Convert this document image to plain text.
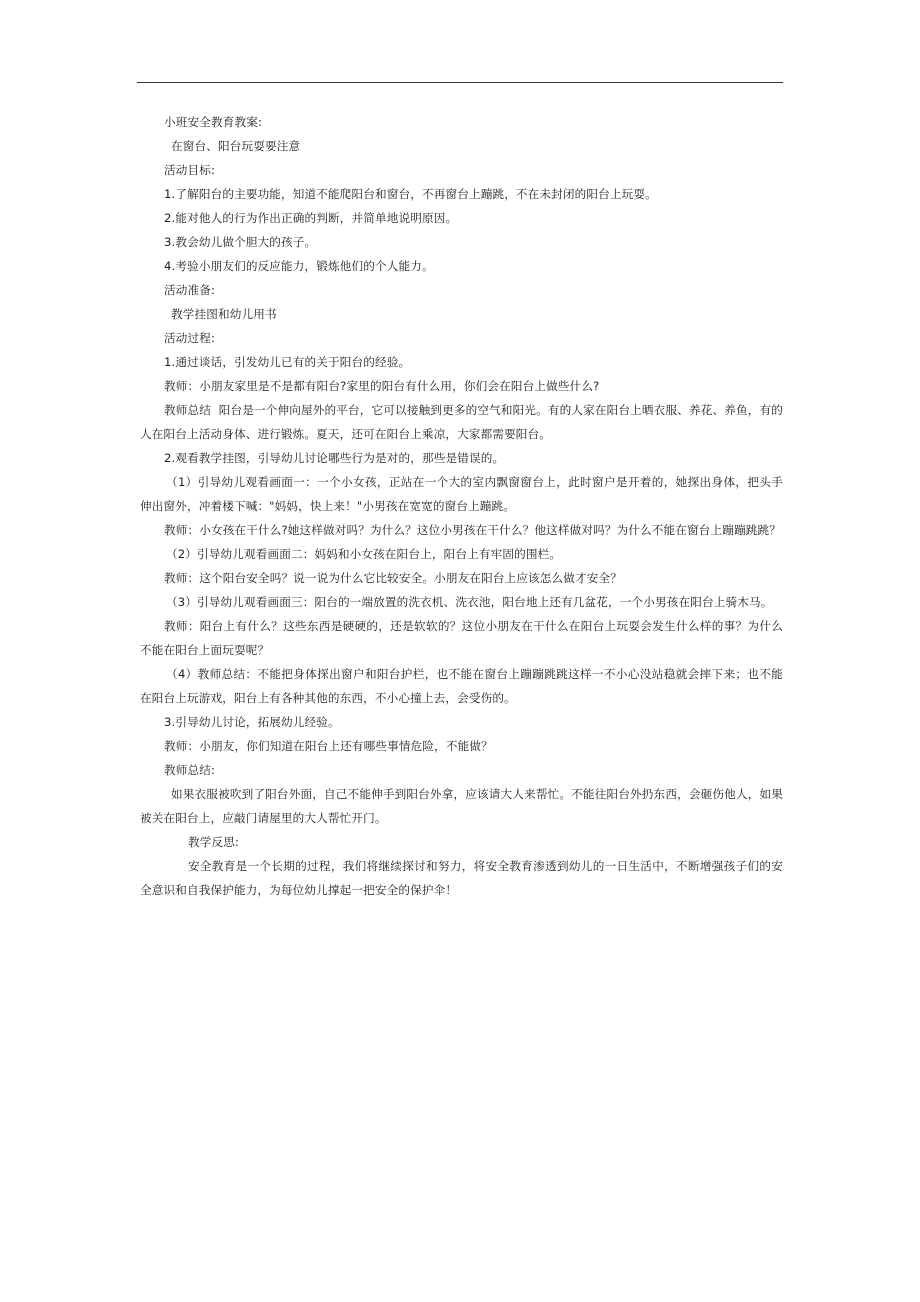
小班安全教育教案:

在窗台、阳台玩耍要注意

活动目标:

1.了解阳台的主要功能，知道不能爬阳台和窗台，不再窗台上蹦跳，不在未封闭的阳台上玩耍。

2.能对他人的行为作出正确的判断，并简单地说明原因。

3.教会幼儿做个胆大的孩子。

4.考验小朋友们的反应能力，锻炼他们的个人能力。

活动准备:

教学挂图和幼儿用书

活动过程:

1.通过谈话，引发幼儿已有的关于阳台的经验。

教师：小朋友家里是不是都有阳台?家里的阳台有什么用，你们会在阳台上做些什么?

教师总结  阳台是一个伸向屋外的平台，它可以接触到更多的空气和阳光。有的人家在阳台上晒衣服、养花、养鱼，有的人在阳台上活动身体、进行锻炼。夏天，还可在阳台上乘凉，大家都需要阳台。

2.观看教学挂图，引导幼儿讨论哪些行为是对的，那些是错误的。

（1）引导幼儿观看画面一：一个小女孩，正站在一个大的室内飘窗窗台上，此时窗户是开着的，她探出身体，把头手伸出窗外，冲着楼下喊："妈妈，快上来！"小男孩在宽宽的窗台上蹦跳。

教师：小女孩在干什么?她这样做对吗？为什么？这位小男孩在干什么？他这样做对吗？为什么不能在窗台上蹦蹦跳跳？

（2）引导幼儿观看画面二：妈妈和小女孩在阳台上，阳台上有牢固的围栏。

教师：这个阳台安全吗？说一说为什么它比较安全。小朋友在阳台上应该怎么做才安全？

（3）引导幼儿观看画面三：阳台的一端放置的洗衣机、洗衣池，阳台地上还有几盆花，一个小男孩在阳台上骑木马。

教师：阳台上有什么？这些东西是硬硬的，还是软软的？这位小朋友在干什么在阳台上玩耍会发生什么样的事？为什么不能在阳台上面玩耍呢？

（4）教师总结：不能把身体探出窗户和阳台护栏，也不能在窗台上蹦蹦跳跳这样一不小心没站稳就会摔下来；也不能在阳台上玩游戏，阳台上有各种其他的东西，不小心撞上去，会受伤的。

3.引导幼儿讨论，拓展幼儿经验。

教师：小朋友，你们知道在阳台上还有哪些事情危险，不能做？

教师总结:

如果衣服被吹到了阳台外面，自己不能伸手到阳台外拿，应该请大人来帮忙。不能往阳台外扔东西，会砸伤他人，如果被关在阳台上，应敲门请屋里的大人帮忙开门。

教学反思:

安全教育是一个长期的过程，我们将继续探讨和努力，将安全教育渗透到幼儿的一日生活中，不断增强孩子们的安全意识和自我保护能力，为每位幼儿撑起一把安全的保护伞！
